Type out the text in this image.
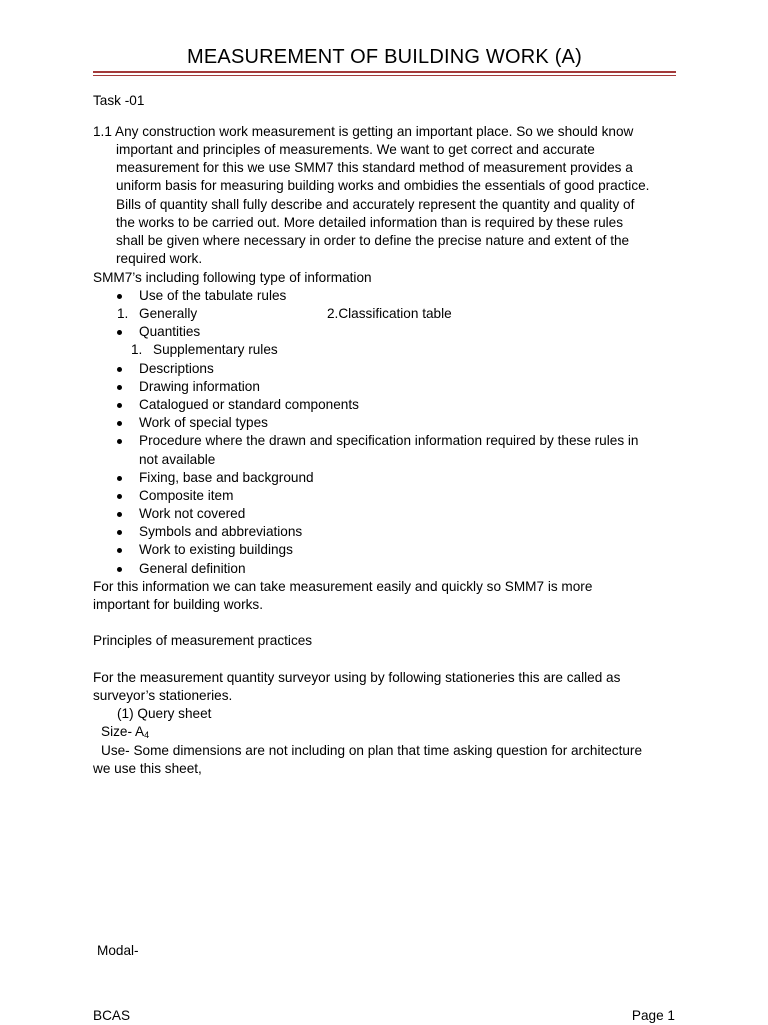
MEASUREMENT OF BUILDING WORK (A)
Task -01
1.1 Any construction work measurement is getting an important place. So we should know
important and principles of measurements. We want to get correct and accurate
measurement for this we use SMM7 this standard method of measurement provides a
uniform basis for measuring building works and ombidies the essentials of good practice.
Bills of quantity shall fully describe and accurately represent the quantity and quality of
the works to be carried out. More detailed information than is required by these rules
shall be given where necessary in order to define the precise nature and extent of the
required work.
SMM7’s including following type of information
Use of the tabulate rules
1. Generally	2.Classification table
Quantities
1. Supplementary rules
Descriptions
Drawing information
Catalogued or standard components
Work of special types
Procedure where the drawn and specification information required by these rules in
not available
Fixing, base and background
Composite item
Work not covered
Symbols and abbreviations
Work to existing buildings
General definition
For this information we can take measurement easily and quickly so SMM7 is more
important for building works.
Principles of measurement practices
For the measurement quantity surveyor using by following stationeries this are called as
surveyor’s stationeries.
(1) Query sheet
Size- $A_4$
Use- Some dimensions are not including on plan that time asking question for architecture
we use this sheet,
Modal-
BCAS	Page 1
